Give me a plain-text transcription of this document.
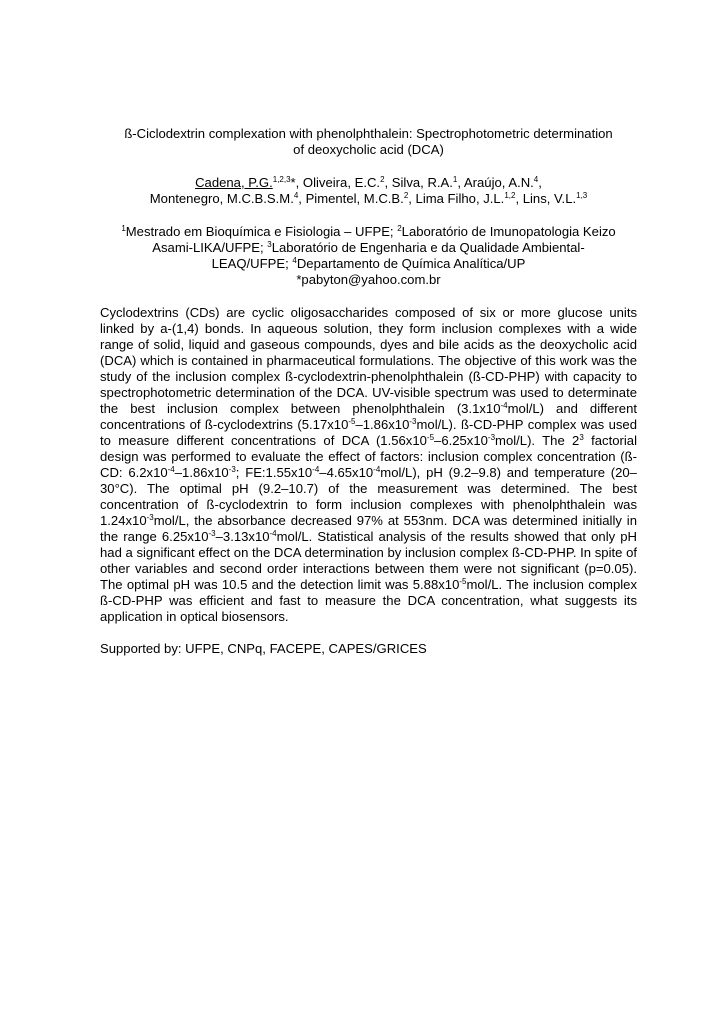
ß-Ciclodextrin complexation with phenolphthalein: Spectrophotometric determination
of deoxycholic acid (DCA)
Cadena, P.G.$^{1,2,3}$*, Oliveira, E.C.$^2$, Silva, R.A.$^1$, Araújo, A.N.$^4$,
Montenegro, M.C.B.S.M.$^4$, Pimentel, M.C.B.$^2$, Lima Filho, J.L.$^{1,2}$, Lins, V.L.$^{1,3}$
$^1$Mestrado em Bioquímica e Fisiologia – UFPE; $^2$Laboratório de Imunopatologia Keizo
Asami-LIKA/UFPE; $^3$Laboratório de Engenharia e da Qualidade Ambiental-
LEAQ/UFPE; $^4$Departamento de Química Analítica/UP
*pabyton@yahoo.com.br
Cyclodextrins (CDs) are cyclic oligosaccharides composed of six or more glucose units linked by a-(1,4) bonds. In aqueous solution, they form inclusion complexes with a wide range of solid, liquid and gaseous compounds, dyes and bile acids as the deoxycholic acid (DCA) which is contained in pharmaceutical formulations. The objective of this work was the study of the inclusion complex ß-cyclodextrin-phenolphthalein (ß-CD-PHP) with capacity to spectrophotometric determination of the DCA. UV-visible spectrum was used to determinate the best inclusion complex between phenolphthalein $(3.1x10^{-4}mol/L)$ and different concentrations of ß-cyclodextrins $(5.17x10^{-5}-1.86x10^{-3}mol/L)$. ß-CD-PHP complex was used to measure different concentrations of DCA $(1.56x10^{-5}-6.25x10^{-3}mol/L)$. The $2^3$ factorial design was performed to evaluate the effect of factors: inclusion complex concentration (ß-CD: $6.2x10^{-4}-1.86x10^{-3}$; $FE:1.55x10^{-4}-4.65x10^{-4}mol/L$), pH (9.2–9.8) and temperature (20–30°C). The optimal pH (9.2–10.7) of the measurement was determined. The best concentration of ß-cyclodextrin to form inclusion complexes with phenolphthalein was $1.24x10^{-3}mol/L$, the absorbance decreased 97% at 553nm. DCA was determined initially in the range $6.25x10^{-3}-3.13x10^{-4}mol/L$. Statistical analysis of the results showed that only pH had a significant effect on the DCA determination by inclusion complex ß-CD-PHP. In spite of other variables and second order interactions between them were not significant (p=0.05). The optimal pH was 10.5 and the detection limit was $5.88x10^{-5}mol/L$. The inclusion complex ß-CD-PHP was efficient and fast to measure the DCA concentration, what suggests its application in optical biosensors.
Supported by: UFPE, CNPq, FACEPE, CAPES/GRICES
